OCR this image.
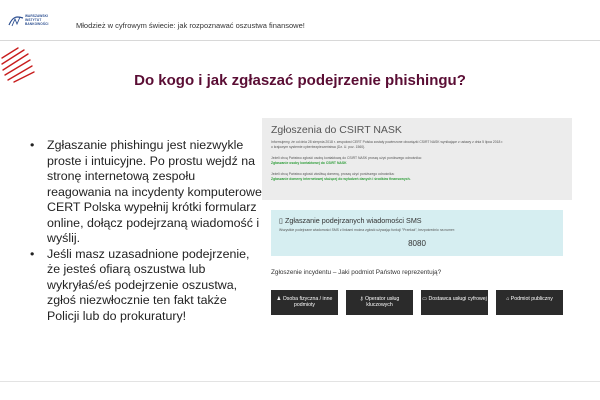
WARSZAWSKI
INSTYTUT
BANKOWOŚCI	Młodzież w cyfrowym świecie: jak rozpoznawać oszustwa finansowe!
Do kogo i jak zgłaszać podejrzenie phishingu?
• Zgłaszanie phishingu jest niezwykle proste i intuicyjne. Po prostu wejdź na stronę internetową zespołu reagowania na incydenty komputerowe CERT Polska wypełnij krótki formularz online, dołącz podejrzaną wiadomość i wyślij.
• Jeśli masz uzasadnione podejrzenie, że jesteś ofiarą oszustwa lub wykryłaś/eś podejrzenie oszustwa, zgłoś niezwłocznie ten fakt także Policji lub do prokuratury!
Zgłoszenia do CSIRT NASK
Informujemy, że od dnia 28 sierpnia 2018 r. zespołowi CERT Polska zostały powierzone obowiązki CSIRT NASK wynikające z ustawy z dnia 5 lipca 2018 r.
o krajowym systemie cyberbezpieczeństwa (Dz. U. poz. 1560).
Jeżeli chcą Państwo zgłosić osobę kontaktową do CSIRT NASK proszę użyć poniższego odnośnika:
Zgłaszanie osoby kontaktowej do CSIRT NASK
Jeżeli chcą Państwo zgłosić złośliwą domenę, proszę użyć poniższego odnośnika:
Zgłaszanie domeny internetowej służącej do wyłudzeń danych i środków finansowych.
▯ Zgłaszanie podejrzanych wiadomości SMS
Wszystkie podejrzane wiadomości SMS z linkami można zgłosić używając funkcji "Przekaż", bezpośrednio na numer:
8080
Zgłoszenie incydentu – Jaki podmiot Państwo reprezentują?
♟ Osoba fizyczna / inne podmioty
⚷ Operator usług kluczowych
▭ Dostawca usługi cyfrowej	⌂ Podmiot publiczny
